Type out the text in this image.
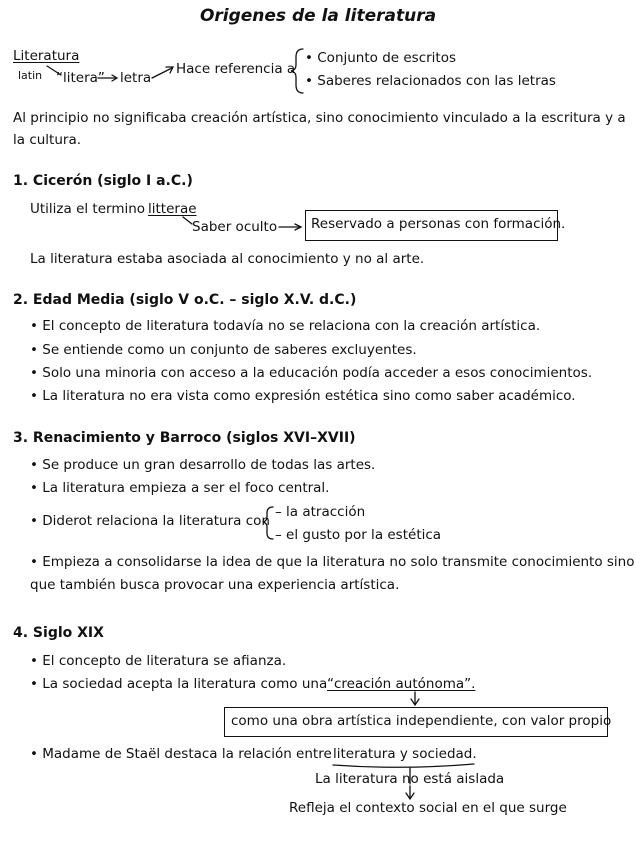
Origenes de la literatura
Literatura
latin “litera” letra
Hace referencia a
• Conjunto de escritos
• Saberes relacionados con las letras
Al principio no significaba creación artística, sino conocimiento vinculado a la escritura y a
la cultura.
1. Cicerón (siglo I a.C.)
Utiliza el termino litterae
Saber oculto	Reservado a personas con formación.
La literatura estaba asociada al conocimiento y no al arte.
2. Edad Media (siglo V o.C. – siglo X.V. d.C.)
• El concepto de literatura todavía no se relaciona con la creación artística.
• Se entiende como un conjunto de saberes excluyentes.
• Solo una minoria con acceso a la educación podía acceder a esos conocimientos.
• La literatura no era vista como expresión estética sino como saber académico.
3. Renacimiento y Barroco (siglos XVI–XVII)
• Se produce un gran desarrollo de todas las artes.
• La literatura empieza a ser el foco central.
• Diderot relaciona la literatura con
– la atracción
– el gusto por la estética
• Empieza a consolidarse la idea de que la literatura no solo transmite conocimiento sino
que también busca provocar una experiencia artística.
4. Siglo XIX
• El concepto de literatura se afianza.
• La sociedad acepta la literatura como una “creación autónoma”.
como una obra artística independiente, con valor propio
• Madame de Staël destaca la relación entre literatura y sociedad.
La literatura no está aislada
Refleja el contexto social en el que surge
